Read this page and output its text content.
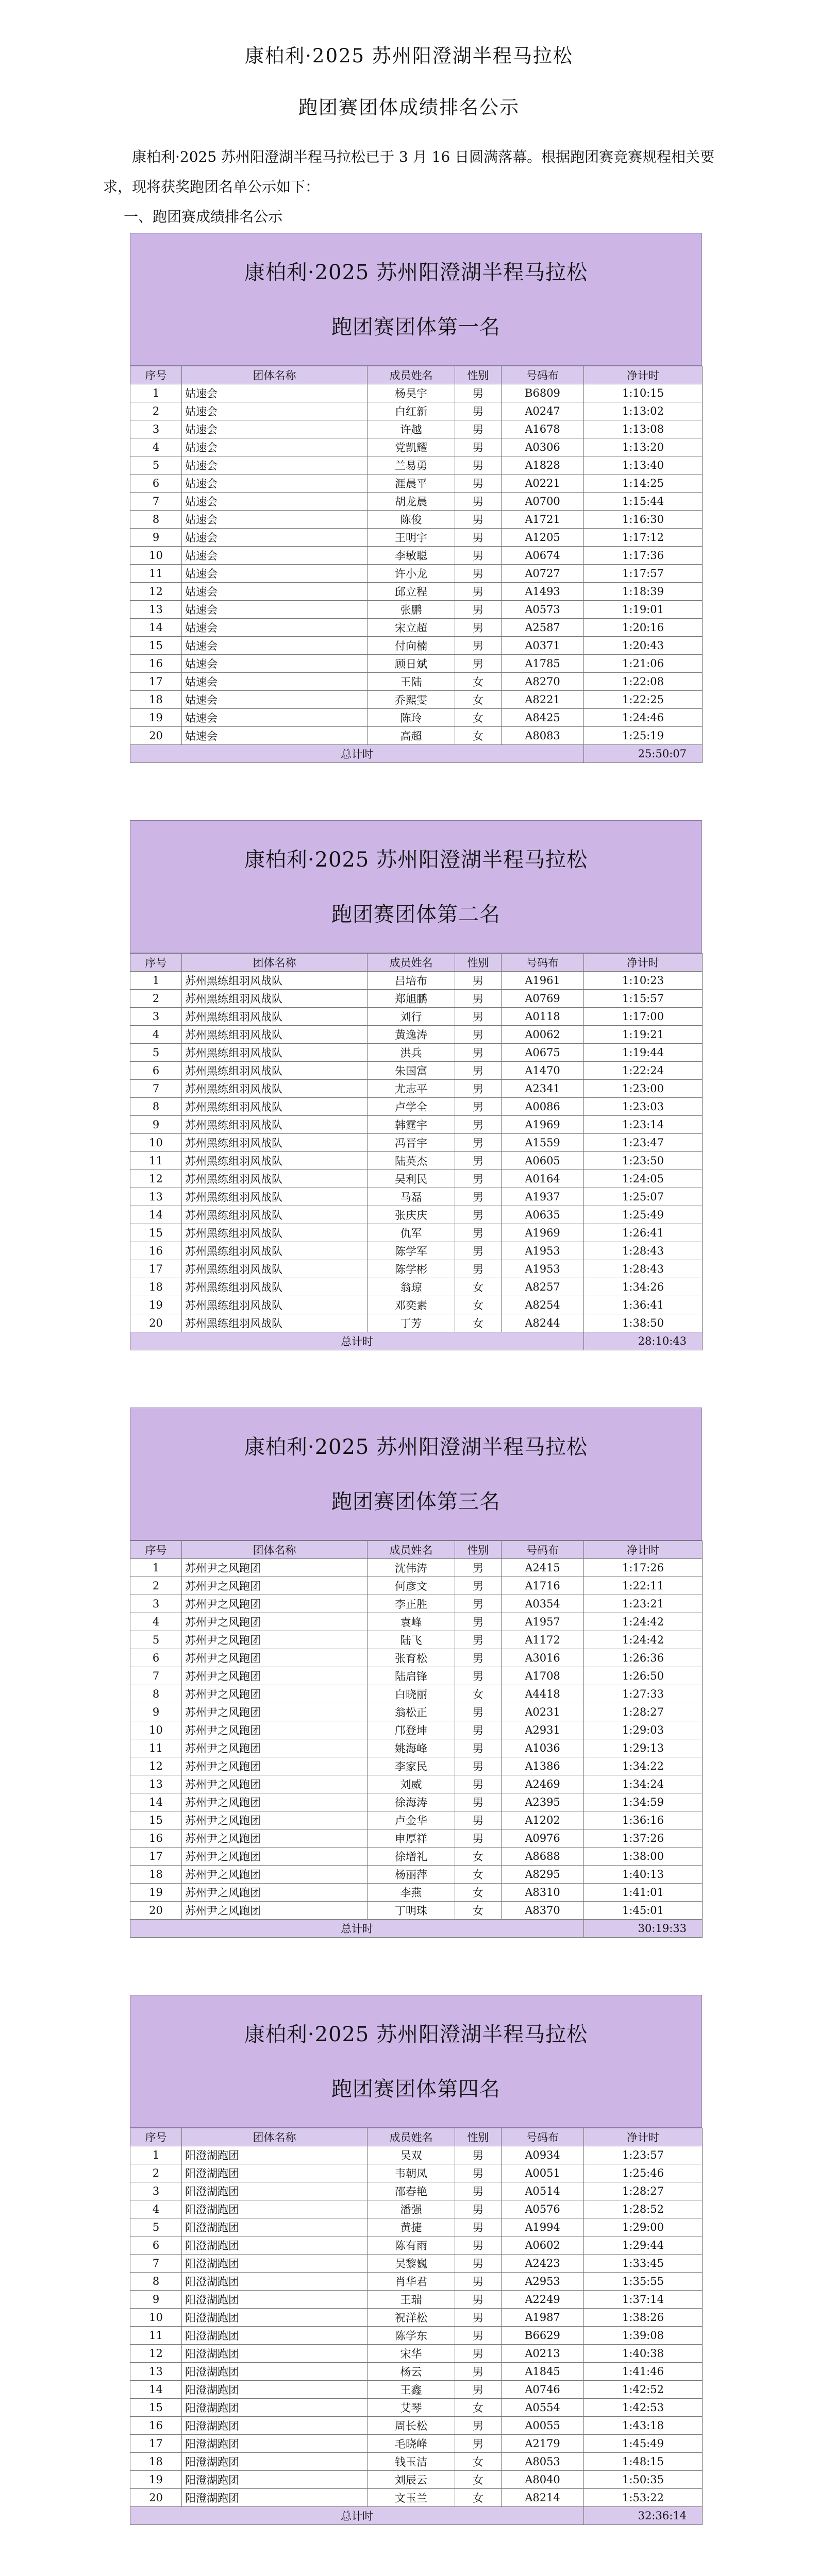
康柏利·2025 苏州阳澄湖半程马拉松
跑团赛团体成绩排名公示
康柏利·2025 苏州阳澄湖半程马拉松已于 3 月 16 日圆满落幕。根据跑团赛竞赛规程相关要求，现将获奖跑团名单公示如下：
一、跑团赛成绩排名公示
康柏利·2025 苏州阳澄湖半程马拉松
跑团赛团体第一名
序号	团体名称	成员姓名	性别	号码布	净计时
1	姑速会	杨昊宇	男	B6809	1:10:15
2	姑速会	白红新	男	A0247	1:13:02
3	姑速会	许越	男	A1678	1:13:08
4	姑速会	党凯耀	男	A0306	1:13:20
5	姑速会	兰易勇	男	A1828	1:13:40
6	姑速会	涯晨平	男	A0221	1:14:25
7	姑速会	胡龙晨	男	A0700	1:15:44
8	姑速会	陈俊	男	A1721	1:16:30
9	姑速会	王明宇	男	A1205	1:17:12
10	姑速会	李敏聪	男	A0674	1:17:36
11	姑速会	许小龙	男	A0727	1:17:57
12	姑速会	邱立程	男	A1493	1:18:39
13	姑速会	张鹏	男	A0573	1:19:01
14	姑速会	宋立超	男	A2587	1:20:16
15	姑速会	付向楠	男	A0371	1:20:43
16	姑速会	顾日斌	男	A1785	1:21:06
17	姑速会	王陆	女	A8270	1:22:08
18	姑速会	乔熙雯	女	A8221	1:22:25
19	姑速会	陈玲	女	A8425	1:24:46
20	姑速会	高超	女	A8083	1:25:19
总计时					25:50:07
康柏利·2025 苏州阳澄湖半程马拉松
跑团赛团体第二名
序号	团体名称	成员姓名	性别	号码布	净计时
1	苏州黑练组羽风战队	吕培布	男	A1961	1:10:23
2	苏州黑练组羽风战队	郑旭鹏	男	A0769	1:15:57
3	苏州黑练组羽风战队	刘行	男	A0118	1:17:00
4	苏州黑练组羽风战队	黄逸涛	男	A0062	1:19:21
5	苏州黑练组羽风战队	洪兵	男	A0675	1:19:44
6	苏州黑练组羽风战队	朱国富	男	A1470	1:22:24
7	苏州黑练组羽风战队	尤志平	男	A2341	1:23:00
8	苏州黑练组羽风战队	卢学全	男	A0086	1:23:03
9	苏州黑练组羽风战队	韩霆宇	男	A1969	1:23:14
10	苏州黑练组羽风战队	冯晋宇	男	A1559	1:23:47
11	苏州黑练组羽风战队	陆英杰	男	A0605	1:23:50
12	苏州黑练组羽风战队	吴利民	男	A0164	1:24:05
13	苏州黑练组羽风战队	马磊	男	A1937	1:25:07
14	苏州黑练组羽风战队	张庆庆	男	A0635	1:25:49
15	苏州黑练组羽风战队	仇军	男	A1969	1:26:41
16	苏州黑练组羽风战队	陈学军	男	A1953	1:28:43
17	苏州黑练组羽风战队	陈学彬	男	A1953	1:28:43
18	苏州黑练组羽风战队	翁琼	女	A8257	1:34:26
19	苏州黑练组羽风战队	邓奕素	女	A8254	1:36:41
20	苏州黑练组羽风战队	丁芳	女	A8244	1:38:50
总计时					28:10:43
康柏利·2025 苏州阳澄湖半程马拉松
跑团赛团体第三名
序号	团体名称	成员姓名	性别	号码布	净计时
1	苏州尹之风跑团	沈伟涛	男	A2415	1:17:26
2	苏州尹之风跑团	何彦文	男	A1716	1:22:11
3	苏州尹之风跑团	李正胜	男	A0354	1:23:21
4	苏州尹之风跑团	袁峰	男	A1957	1:24:42
5	苏州尹之风跑团	陆飞	男	A1172	1:24:42
6	苏州尹之风跑团	张育松	男	A3016	1:26:36
7	苏州尹之风跑团	陆启锋	男	A1708	1:26:50
8	苏州尹之风跑团	白晓丽	女	A4418	1:27:33
9	苏州尹之风跑团	翁松正	男	A0231	1:28:27
10	苏州尹之风跑团	邝登坤	男	A2931	1:29:03
11	苏州尹之风跑团	姚海峰	男	A1036	1:29:13
12	苏州尹之风跑团	李家民	男	A1386	1:34:22
13	苏州尹之风跑团	刘威	男	A2469	1:34:24
14	苏州尹之风跑团	徐海涛	男	A2395	1:34:59
15	苏州尹之风跑团	卢金华	男	A1202	1:36:16
16	苏州尹之风跑团	申厚祥	男	A0976	1:37:26
17	苏州尹之风跑团	徐增礼	女	A8688	1:38:00
18	苏州尹之风跑团	杨丽萍	女	A8295	1:40:13
19	苏州尹之风跑团	李燕	女	A8310	1:41:01
20	苏州尹之风跑团	丁明珠	女	A8370	1:45:01
总计时					30:19:33
康柏利·2025 苏州阳澄湖半程马拉松
跑团赛团体第四名
序号	团体名称	成员姓名	性别	号码布	净计时
1	阳澄湖跑团	吴双	男	A0934	1:23:57
2	阳澄湖跑团	韦朝凤	男	A0051	1:25:46
3	阳澄湖跑团	邵春艳	男	A0514	1:28:27
4	阳澄湖跑团	潘强	男	A0576	1:28:52
5	阳澄湖跑团	黄捷	男	A1994	1:29:00
6	阳澄湖跑团	陈有雨	男	A0602	1:29:44
7	阳澄湖跑团	吴黎巍	男	A2423	1:33:45
8	阳澄湖跑团	肖华君	男	A2953	1:35:55
9	阳澄湖跑团	王瑞	男	A2249	1:37:14
10	阳澄湖跑团	祝洋松	男	A1987	1:38:26
11	阳澄湖跑团	陈学东	男	B6629	1:39:08
12	阳澄湖跑团	宋华	男	A0213	1:40:38
13	阳澄湖跑团	杨云	男	A1845	1:41:46
14	阳澄湖跑团	王鑫	男	A0746	1:42:52
15	阳澄湖跑团	艾琴	女	A0554	1:42:53
16	阳澄湖跑团	周长松	男	A0055	1:43:18
17	阳澄湖跑团	毛晓峰	男	A2179	1:45:49
18	阳澄湖跑团	钱玉洁	女	A8053	1:48:15
19	阳澄湖跑团	刘辰云	女	A8040	1:50:35
20	阳澄湖跑团	文玉兰	女	A8214	1:53:22
总计时					32:36:14
